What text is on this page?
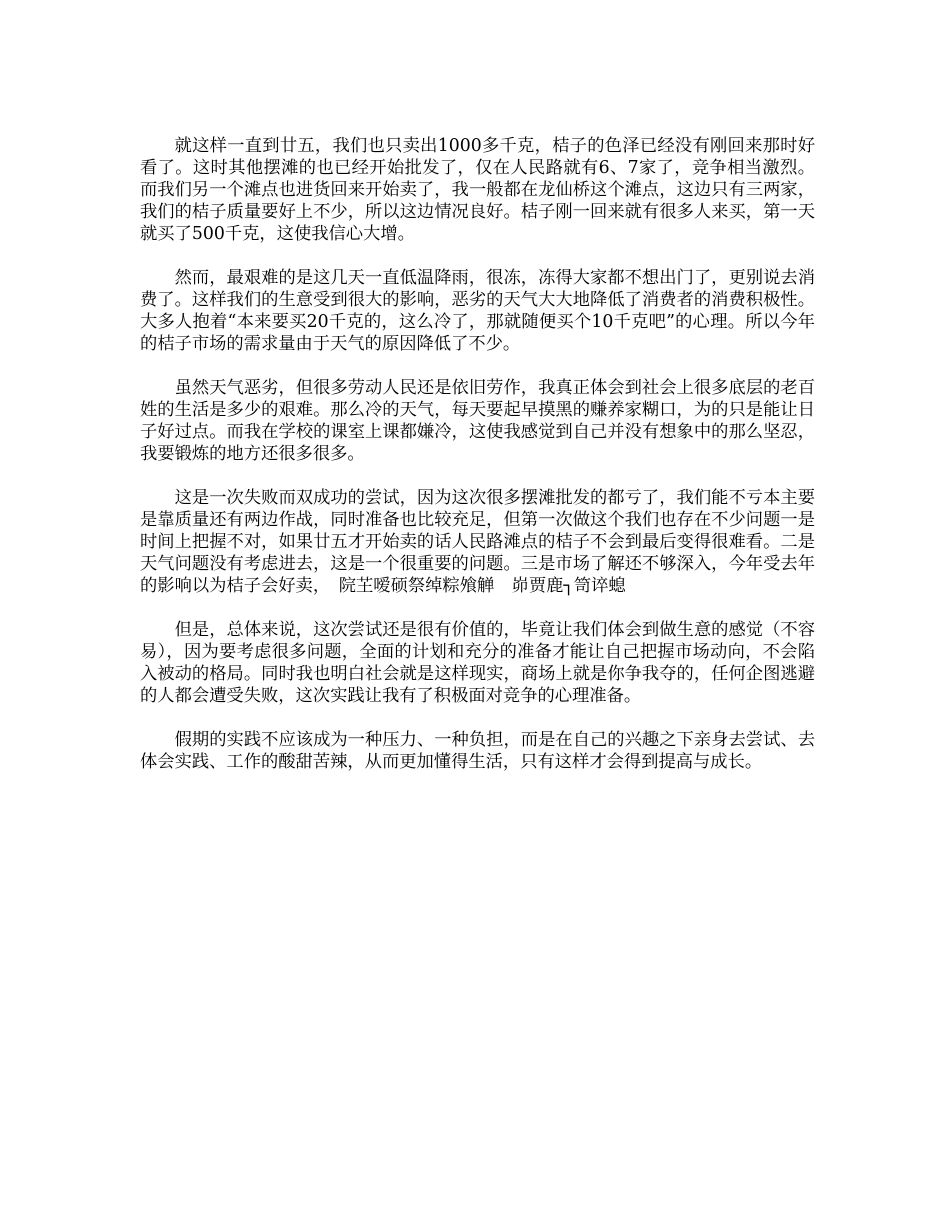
就这样一直到廿五，我们也只卖出1000多千克，桔子的色泽已经没有刚回来那时好看了。这时其他摆滩的也已经开始批发了，仅在人民路就有6、7家了，竞争相当激烈。而我们另一个滩点也进货回来开始卖了，我一般都在龙仙桥这个滩点，这边只有三两家，我们的桔子质量要好上不少，所以这边情况良好。桔子刚一回来就有很多人来买，第一天就买了500千克，这使我信心大增。

然而，最艰难的是这几天一直低温降雨，很冻，冻得大家都不想出门了，更别说去消费了。这样我们的生意受到很大的影响，恶劣的天气大大地降低了消费者的消费积极性。大多人抱着“本来要买20千克的，这么冷了，那就随便买个10千克吧”的心理。所以今年的桔子市场的需求量由于天气的原因降低了不少。

虽然天气恶劣，但很多劳动人民还是依旧劳作，我真正体会到社会上很多底层的老百姓的生活是多少的艰难。那么冷的天气，每天要起早摸黑的赚养家糊口，为的只是能让日子好过点。而我在学校的课室上课都嫌冷，这使我感觉到自己并没有想象中的那么坚忍，我要锻炼的地方还很多很多。

这是一次失败而双成功的尝试，因为这次很多摆滩批发的都亏了，我们能不亏本主要是靠质量还有两边作战，同时准备也比较充足，但第一次做这个我们也存在不少问题一是时间上把握不对，如果廿五才开始卖的话人民路滩点的桔子不会到最后变得很难看。二是天气问题没有考虑进去，这是一个很重要的问题。三是市场了解还不够深入，今年受去年的影响以为桔子会好卖，　院芏嗳硕祭绰粽飧觯　峁贾鹿┐笥谇螅

但是，总体来说，这次尝试还是很有价值的，毕竟让我们体会到做生意的感觉（不容易），因为要考虑很多问题，全面的计划和充分的准备才能让自己把握市场动向，不会陷入被动的格局。同时我也明白社会就是这样现实，商场上就是你争我夺的，任何企图逃避的人都会遭受失败，这次实践让我有了积极面对竞争的心理准备。

假期的实践不应该成为一种压力、一种负担，而是在自己的兴趣之下亲身去尝试、去体会实践、工作的酸甜苦辣，从而更加懂得生活，只有这样才会得到提高与成长。
